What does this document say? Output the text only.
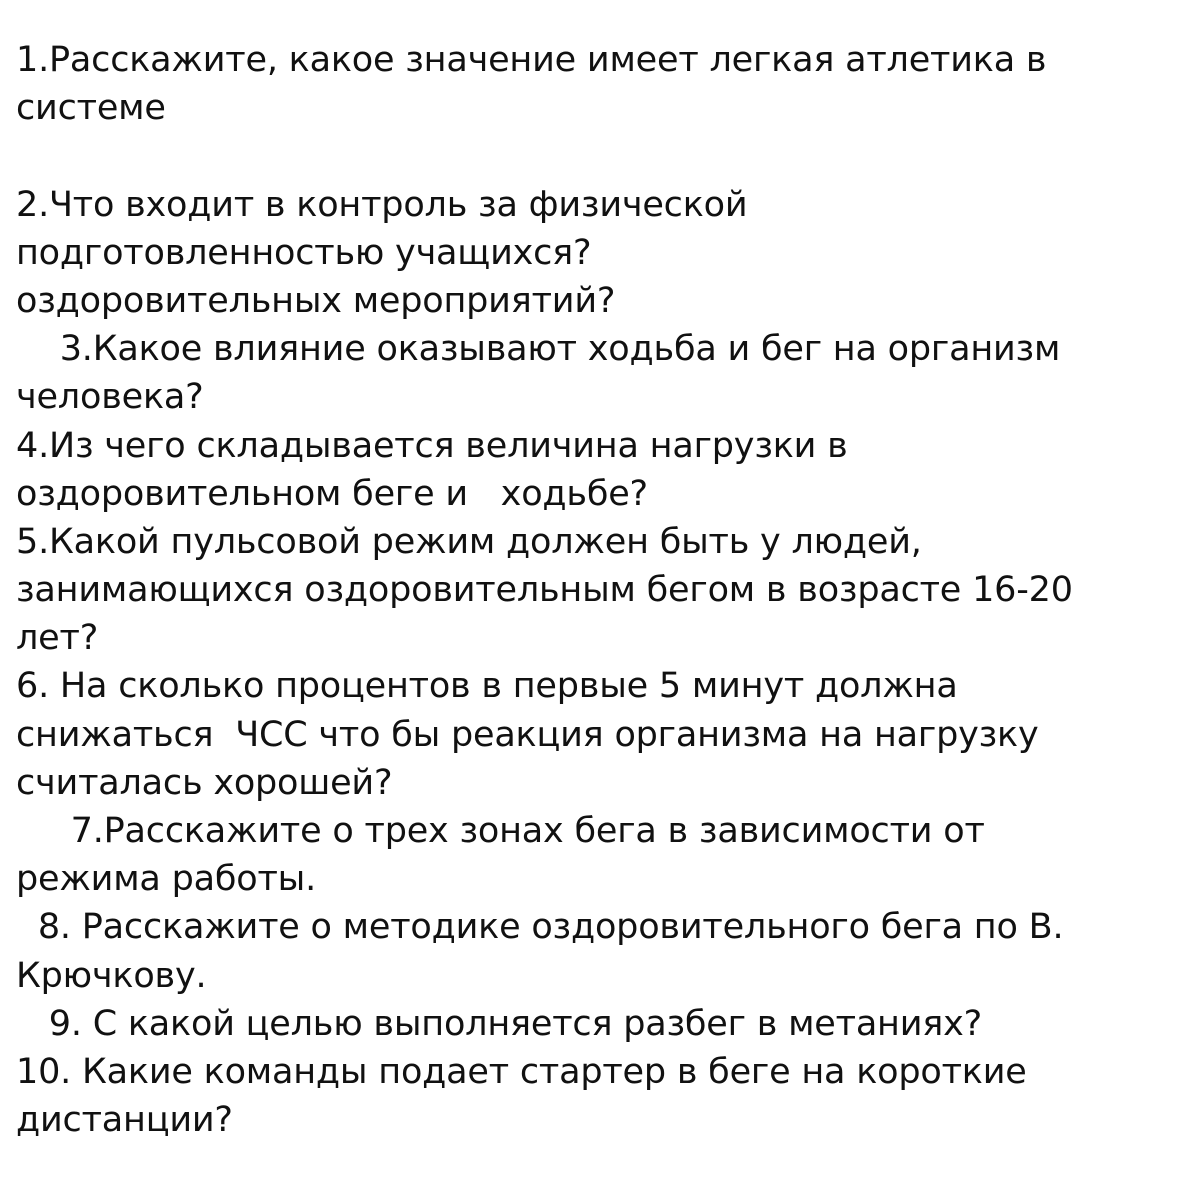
1.Расскажите, какое значение имеет легкая атлетика в
системе
2.Что входит в контроль за физической
подготовленностью учащихся?
оздоровительных мероприятий?
3.Какое влияние оказывают ходьба и бег на организм
человека?
4.Из чего складывается величина нагрузки в
оздоровительном беге и   ходьбе?
5.Какой пульсовой режим должен быть у людей,
занимающихся оздоровительным бегом в возрасте 16-20
лет?
6. На сколько процентов в первые 5 минут должна
снижаться  ЧСС что бы реакция организма на нагрузку
считалась хорошей?
7.Расскажите о трех зонах бега в зависимости от
режима работы.
8. Расскажите о методике оздоровительного бега по В.
Крючкову.
9. С какой целью выполняется разбег в метаниях?
10. Какие команды подает стартер в беге на короткие
дистанции?
